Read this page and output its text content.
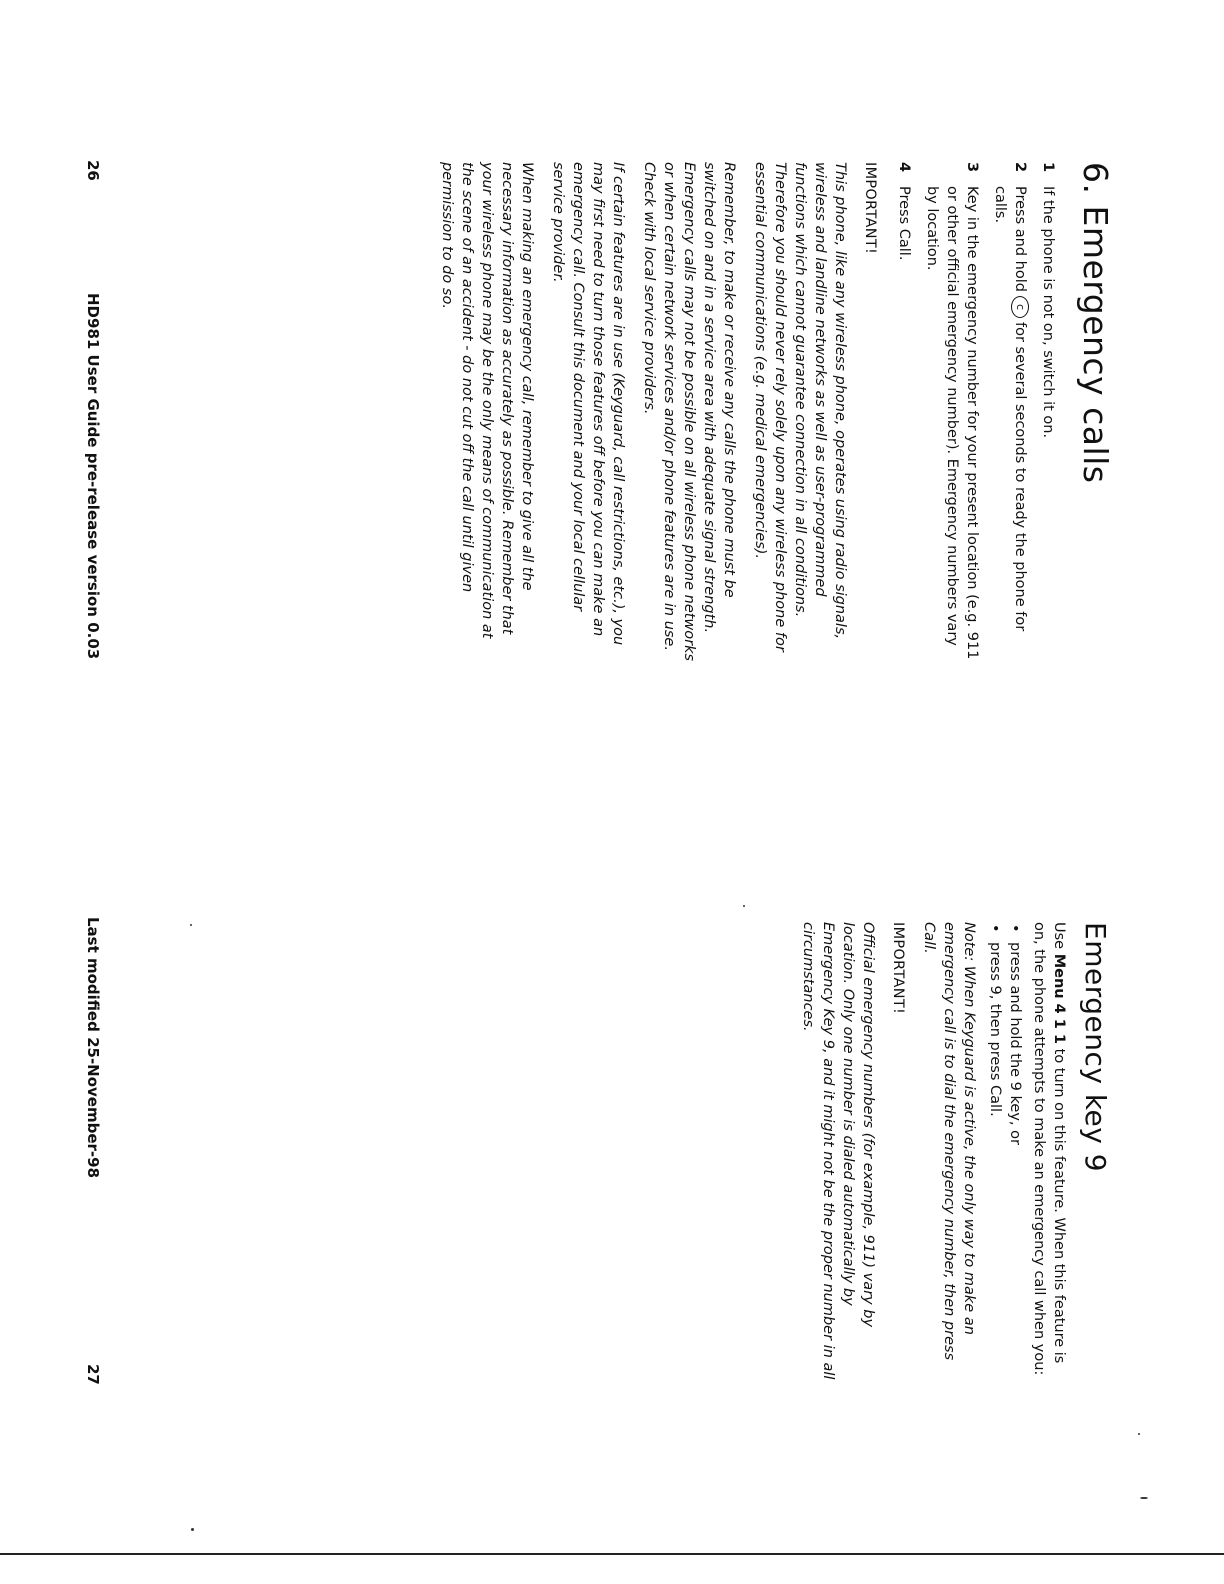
6. Emergency calls
1
If the phone is not on, switch it on.
2
Press and holdcfor several seconds to ready the phone for calls.
3
Key in the emergency number for your present location (e.g. 911 or other official emergency number). Emergency numbers vary by location.
4
Press Call.
IMPORTANT!

This phone, like any wireless phone, operates using radio signals, wireless and landline networks as well as user-programmed functions which cannot guarantee connection in all conditions. Therefore you should never rely solely upon any wireless phone for essential communications (e.g. medical emergencies).

Remember, to make or receive any calls the phone must be switched on and in a service area with adequate signal strength. Emergency calls may not be possible on all wireless phone networks or when certain network services and/or phone features are in use. Check with local service providers.

If certain features are in use (Keyguard, call restrictions, etc.), you may first need to turn those features off before you can make an emergency call. Consult this document and your local cellular service provider.

When making an emergency call, remember to give all the necessary information as accurately as possible. Remember that your wireless phone may be the only means of communication at the scene of an accident - do not cut off the call until given permission to do so.

26
HD981 User Guide pre-release version 0.03
Emergency key 9

Use Menu 4 1 1 to turn on this feature. When this feature is on, the phone attempts to make an emergency call when you:

• press and hold the 9 key, or
• press 9, then press Call.

Note: When Keyguard is active, the only way to make an emergency call is to dial the emergency number, then press Call.

IMPORTANT!

Official emergency numbers (for example, 911) vary by location. Only one number is dialed automatically by Emergency Key 9, and it might not be the proper number in all circumstances.

Last modified 25-November-98
27
